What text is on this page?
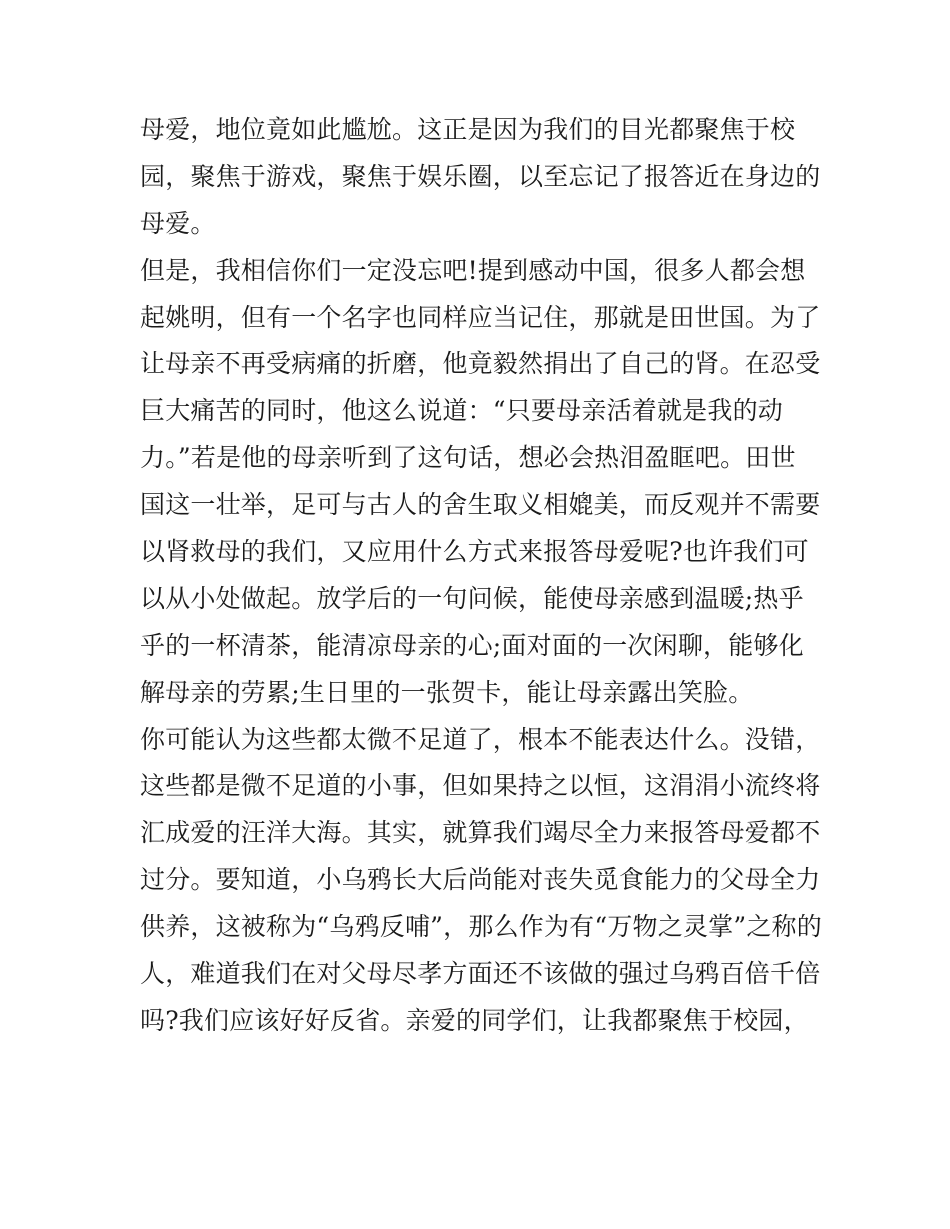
母爱，地位竟如此尴尬。这正是因为我们的目光都聚焦于校
园，聚焦于游戏，聚焦于娱乐圈，以至忘记了报答近在身边的
母爱。
但是，我相信你们一定没忘吧!提到感动中国，很多人都会想
起姚明，但有一个名字也同样应当记住，那就是田世国。为了
让母亲不再受病痛的折磨，他竟毅然捐出了自己的肾。在忍受
巨大痛苦的同时，他这么说道：“只要母亲活着就是我的动
力。”若是他的母亲听到了这句话，想必会热泪盈眶吧。田世
国这一壮举，足可与古人的舍生取义相媲美，而反观并不需要
以肾救母的我们，又应用什么方式来报答母爱呢?也许我们可
以从小处做起。放学后的一句问候，能使母亲感到温暖;热乎
乎的一杯清茶，能清凉母亲的心;面对面的一次闲聊，能够化
解母亲的劳累;生日里的一张贺卡，能让母亲露出笑脸。
你可能认为这些都太微不足道了，根本不能表达什么。没错，
这些都是微不足道的小事，但如果持之以恒，这涓涓小流终将
汇成爱的汪洋大海。其实，就算我们竭尽全力来报答母爱都不
过分。要知道，小乌鸦长大后尚能对丧失觅食能力的父母全力
供养，这被称为“乌鸦反哺”，那么作为有“万物之灵掌”之称的
人，难道我们在对父母尽孝方面还不该做的强过乌鸦百倍千倍
吗?我们应该好好反省。亲爱的同学们，让我都聚焦于校园，
